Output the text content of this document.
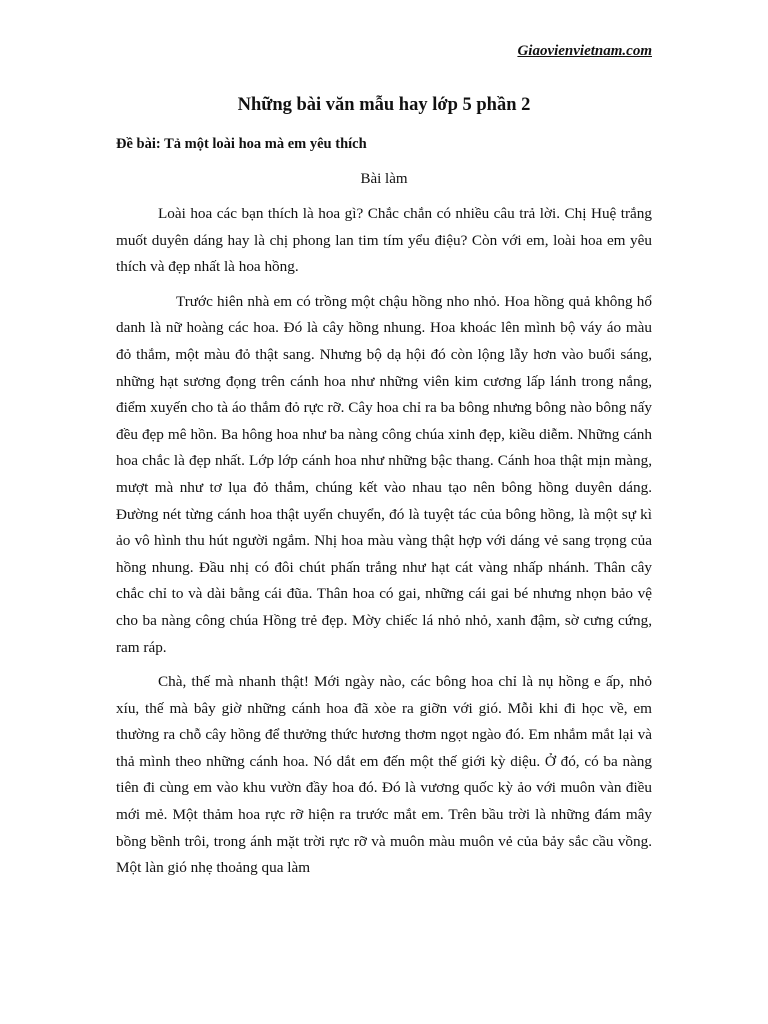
Giaovienvietnam.com
Những bài văn mẫu hay lớp 5 phần 2
Đề bài: Tả một loài hoa mà em yêu thích
Bài làm

Loài hoa các bạn thích là hoa gì? Chắc chắn có nhiều câu trả lời. Chị Huệ trắng muốt duyên dáng hay là chị phong lan tim tím yểu điệu? Còn với em, loài hoa em yêu thích và đẹp nhất là hoa hồng.

Trước hiên nhà em có trồng một chậu hồng nho nhỏ. Hoa hồng quả không hổ danh là nữ hoàng các hoa. Đó là cây hồng nhung. Hoa khoác lên mình bộ váy áo màu đỏ thắm, một màu đỏ thật sang. Nhưng bộ dạ hội đó còn lộng lẫy hơn vào buổi sáng, những hạt sương đọng trên cánh hoa như những viên kim cương lấp lánh trong nắng, điểm xuyến cho tà áo thắm đỏ rực rỡ. Cây hoa chỉ ra ba bông nhưng bông nào bông nấy đều đẹp mê hồn. Ba hông hoa như ba nàng công chúa xinh đẹp, kiều diễm. Những cánh hoa chắc là đẹp nhất. Lớp lớp cánh hoa như những bậc thang. Cánh hoa thật mịn màng, mượt mà như tơ lụa đỏ thắm, chúng kết vào nhau tạo nên bông hồng duyên dáng. Đường nét từng cánh hoa thật uyển chuyển, đó là tuyệt tác của bông hồng, là một sự kì ảo vô hình thu hút người ngắm. Nhị hoa màu vàng thật hợp với dáng vẻ sang trọng của hồng nhung. Đầu nhị có đôi chút phấn trắng như hạt cát vàng nhấp nhánh. Thân cây chắc chỉ to và dài bằng cái đũa. Thân hoa có gai, những cái gai bé nhưng nhọn bảo vệ cho ba nàng công chúa Hồng trẻ đẹp. Mờy chiếc lá nhỏ nhỏ, xanh đậm, sờ cưng cứng, ram ráp.

Chà, thế mà nhanh thật! Mới ngày nào, các bông hoa chỉ là nụ hồng e ấp, nhỏ xíu, thế mà bây giờ những cánh hoa đã xòe ra giỡn với gió. Mỗi khi đi học về, em thường ra chỗ cây hồng để thưởng thức hương thơm ngọt ngào đó. Em nhắm mắt lại và thả mình theo những cánh hoa. Nó dắt em đến một thế giới kỳ diệu. Ở đó, có ba nàng tiên đi cùng em vào khu vườn đầy hoa đó. Đó là vương quốc kỳ ảo với muôn vàn điều mới mẻ. Một thảm hoa rực rỡ hiện ra trước mắt em. Trên bầu trời là những đám mây bồng bềnh trôi, trong ánh mặt trời rực rỡ và muôn màu muôn vẻ của bảy sắc cầu vồng. Một làn gió nhẹ thoảng qua làm
